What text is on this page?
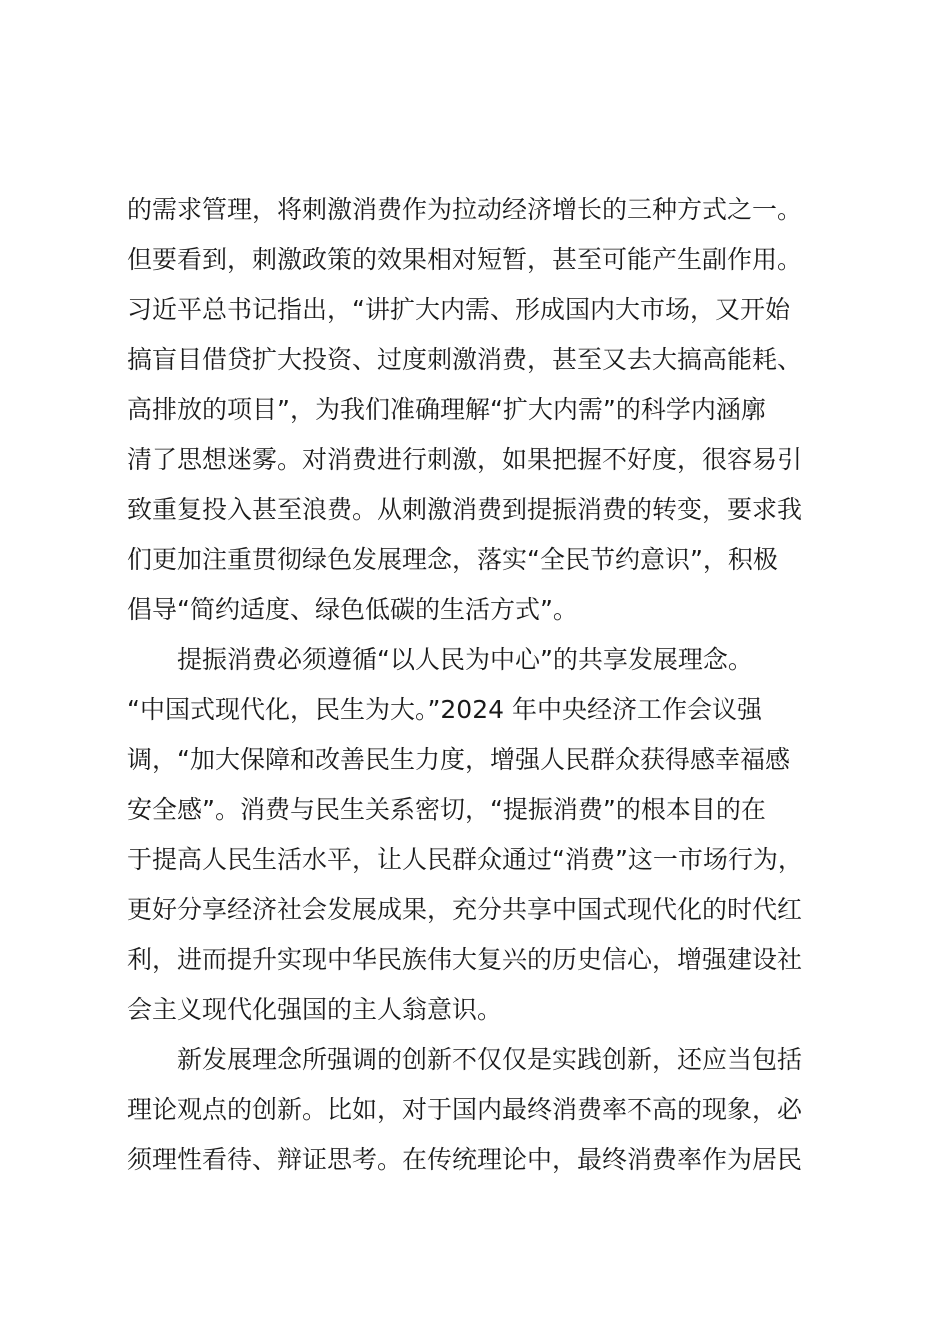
的需求管理，将刺激消费作为拉动经济增长的三种方式之一。
但要看到，刺激政策的效果相对短暂，甚至可能产生副作用。
习近平总书记指出，“讲扩大内需、形成国内大市场，又开始
搞盲目借贷扩大投资、过度刺激消费，甚至又去大搞高能耗、
高排放的项目”，为我们准确理解“扩大内需”的科学内涵廓
清了思想迷雾。对消费进行刺激，如果把握不好度，很容易引
致重复投入甚至浪费。从刺激消费到提振消费的转变，要求我
们更加注重贯彻绿色发展理念，落实“全民节约意识”，积极
倡导“简约适度、绿色低碳的生活方式”。
提振消费必须遵循“以人民为中心”的共享发展理念。
“中国式现代化，民生为大。”2024 年中央经济工作会议强
调，“加大保障和改善民生力度，增强人民群众获得感幸福感
安全感”。消费与民生关系密切，“提振消费”的根本目的在
于提高人民生活水平，让人民群众通过“消费”这一市场行为，
更好分享经济社会发展成果，充分共享中国式现代化的时代红
利，进而提升实现中华民族伟大复兴的历史信心，增强建设社
会主义现代化强国的主人翁意识。
新发展理念所强调的创新不仅仅是实践创新，还应当包括
理论观点的创新。比如，对于国内最终消费率不高的现象，必
须理性看待、辩证思考。在传统理论中，最终消费率作为居民
